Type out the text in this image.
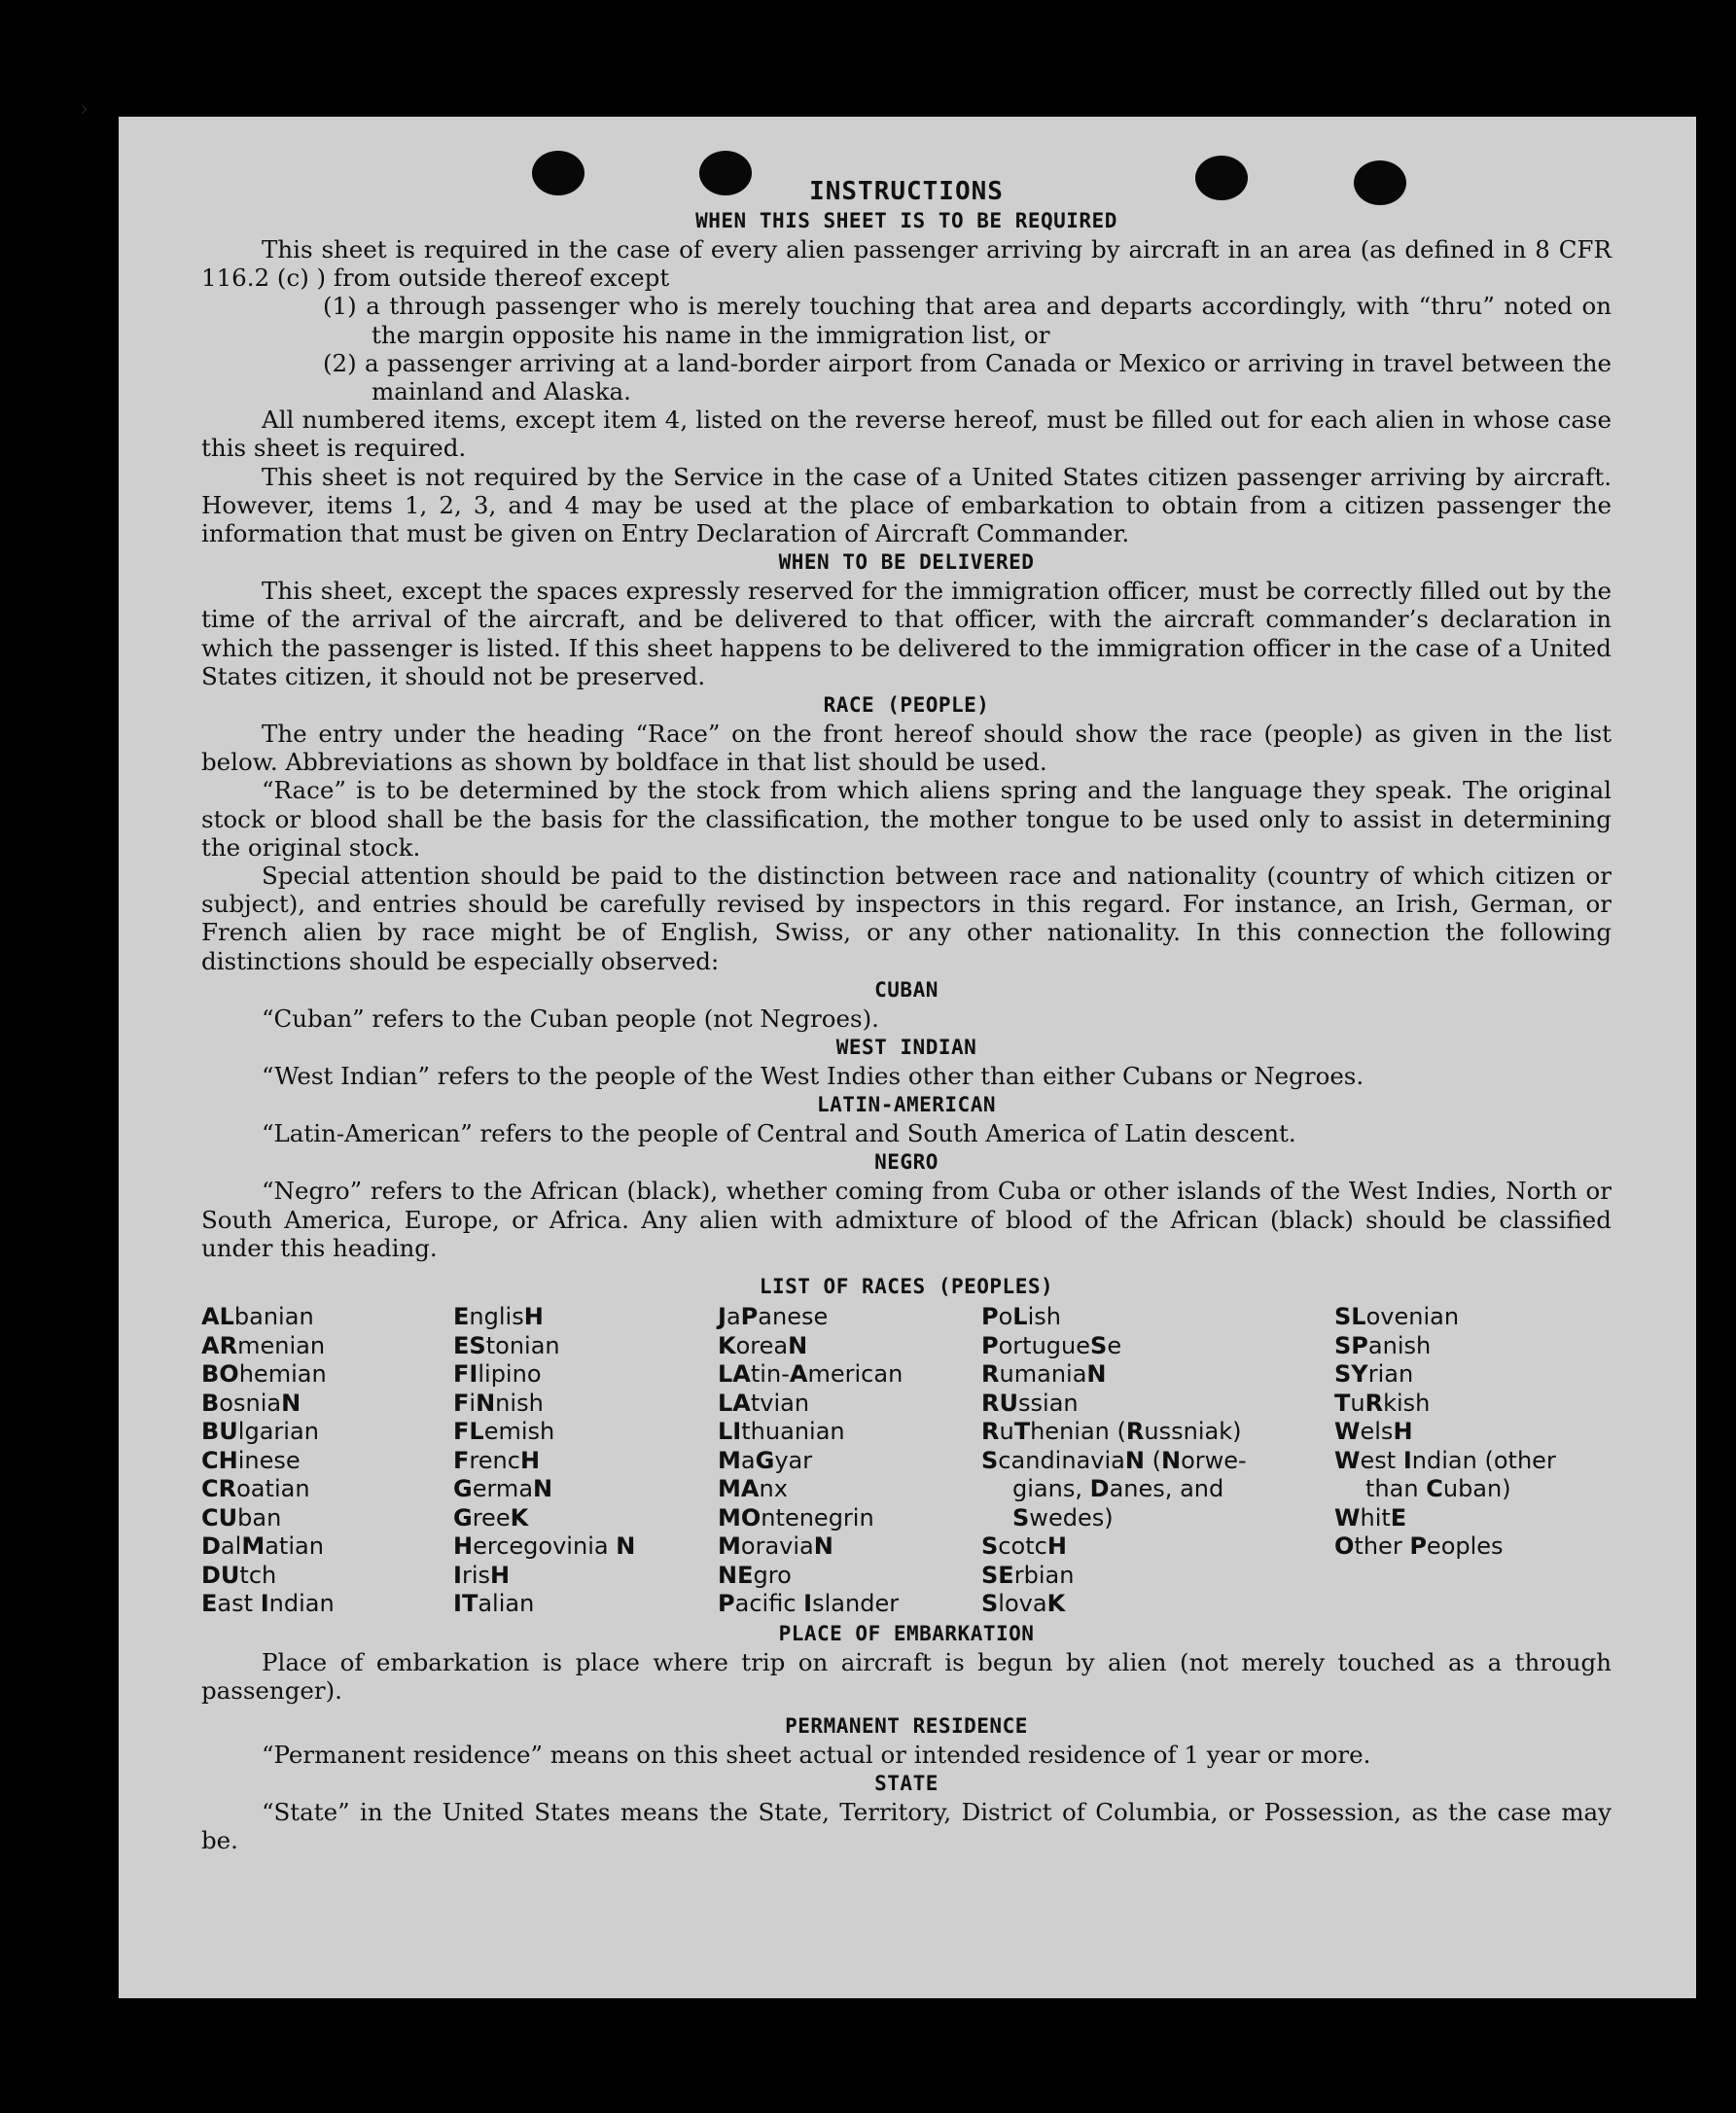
›
INSTRUCTIONS
WHEN THIS SHEET IS TO BE REQUIRED

This sheet is required in the case of every alien passenger arriving by aircraft in an area (as defined in 8 CFR 116.2 (c) ) from outside thereof except

(1) a through passenger who is merely touching that area and departs accordingly, with “thru” noted on the margin opposite his name in the immigration list, or

(2) a passenger arriving at a land-border airport from Canada or Mexico or arriving in travel between the mainland and Alaska.

All numbered items, except item 4, listed on the reverse hereof, must be filled out for each alien in whose case this sheet is required.

This sheet is not required by the Service in the case of a United States citizen passenger arriving by aircraft. However, items 1, 2, 3, and 4 may be used at the place of embarkation to obtain from a citizen passenger the information that must be given on Entry Declaration of Aircraft Commander.

WHEN TO BE DELIVERED

This sheet, except the spaces expressly reserved for the immigration officer, must be correctly filled out by the time of the arrival of the aircraft, and be delivered to that officer, with the aircraft commander’s declaration in which the passenger is listed. If this sheet happens to be delivered to the immigration officer in the case of a United States citizen, it should not be preserved.

RACE (PEOPLE)

The entry under the heading “Race” on the front hereof should show the race (people) as given in the list below. Abbreviations as shown by boldface in that list should be used.

“Race” is to be determined by the stock from which aliens spring and the language they speak. The original stock or blood shall be the basis for the classification, the mother tongue to be used only to assist in determining the original stock.

Special attention should be paid to the distinction between race and nationality (country of which citizen or subject), and entries should be carefully revised by inspectors in this regard. For instance, an Irish, German, or French alien by race might be of English, Swiss, or any other nationality. In this connection the following distinctions should be especially observed:

CUBAN

“Cuban” refers to the Cuban people (not Negroes).

WEST INDIAN

“West Indian” refers to the people of the West Indies other than either Cubans or Negroes.

LATIN-AMERICAN

“Latin-American” refers to the people of Central and South America of Latin descent.

NEGRO

“Negro” refers to the African (black), whether coming from Cuba or other islands of the West Indies, North or South America, Europe, or Africa. Any alien with admixture of blood of the African (black) should be classified under this heading.

LIST OF RACES (PEOPLES)
ALbanian
ARmenian
BOhemian
BosniaN
BUlgarian
CHinese
CRoatian
CUban
DalMatian
DUtch
East Indian
EnglisH
EStonian
FIlipino
FiNnish
FLemish
FrencH
GermaN
GreeK
Hercegovinia N
IrisH
ITalian
JaPanese
KoreaN
LAtin-American
LAtvian
LIthuanian
MaGyar
MAnx
MOntenegrin
MoraviaN
NEgro
Pacifc Islander
PoLish
PortugueSe
RumaniaN
RUssian
RuThenian (Russniak)
ScandinaviaN (Norwe-
gians, Danes, and
Swedes)
ScotcH
SErbian
SlovaK
SLovenian
SPanish
SYrian
TuRkish
WelsH
West Indian (other
than Cuban)
WhitE
Other Peoples
PLACE OF EMBARKATION

Place of embarkation is place where trip on aircraft is begun by alien (not merely touched as a through passenger).

PERMANENT RESIDENCE

“Permanent residence” means on this sheet actual or intended residence of 1 year or more.

STATE

“State” in the United States means the State, Territory, District of Columbia, or Possession, as the case may be.
